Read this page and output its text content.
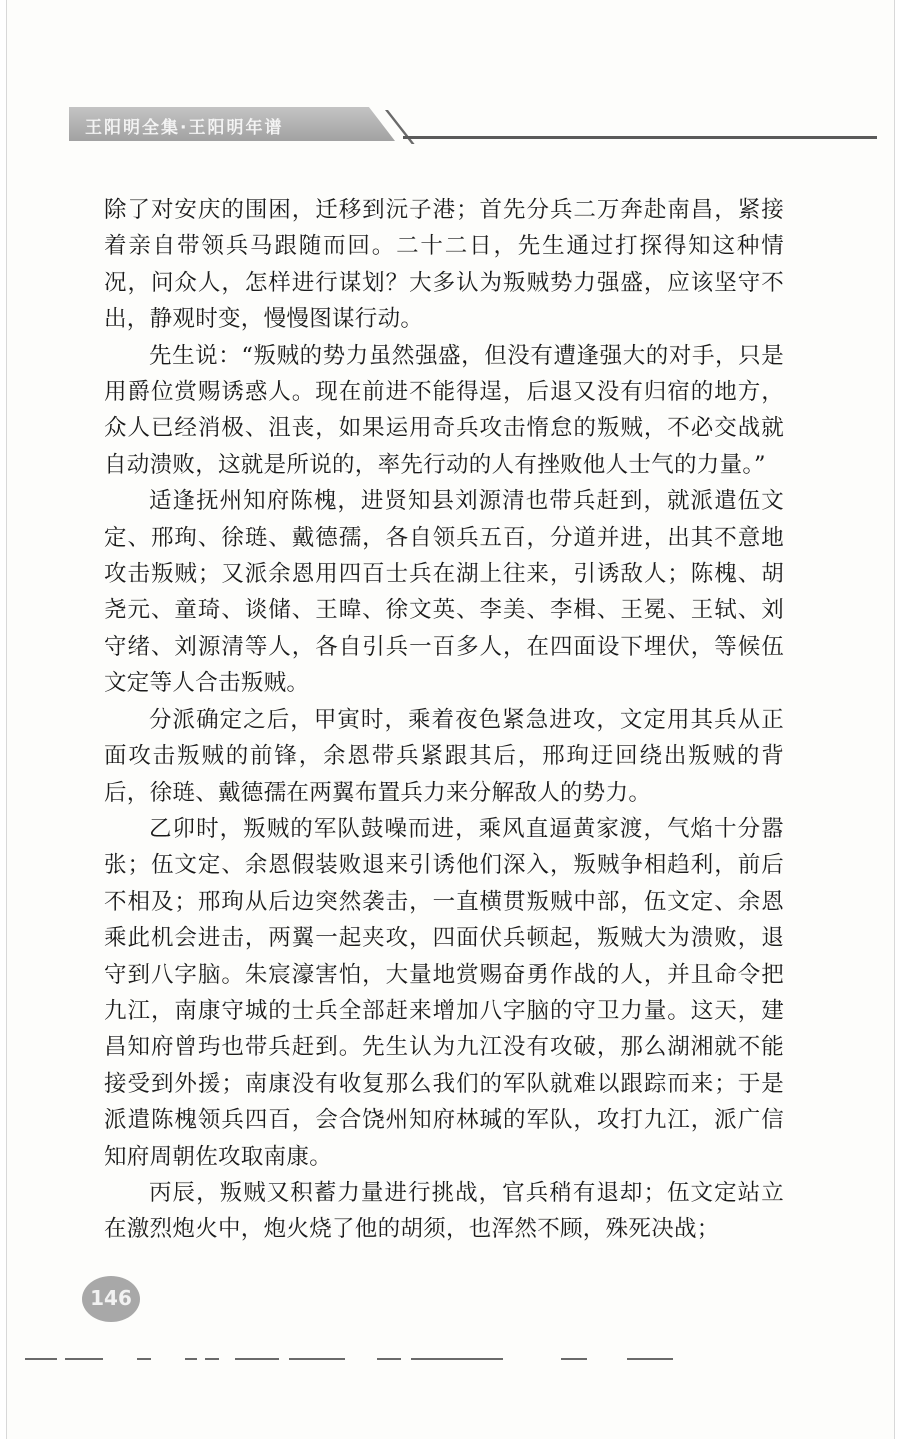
王阳明全集·王阳明年谱

除了对安庆的围困，迁移到沅子港；首先分兵二万奔赴南昌，紧接着亲自带领兵马跟随而回。二十二日，先生通过打探得知这种情况，问众人，怎样进行谋划？大多认为叛贼势力强盛，应该坚守不出，静观时变，慢慢图谋行动。

先生说：“叛贼的势力虽然强盛，但没有遭逢强大的对手，只是用爵位赏赐诱惑人。现在前进不能得逞，后退又没有归宿的地方，众人已经消极、沮丧，如果运用奇兵攻击惰怠的叛贼，不必交战就自动溃败，这就是所说的，率先行动的人有挫败他人士气的力量。”

适逢抚州知府陈槐，进贤知县刘源清也带兵赶到，就派遣伍文定、邢珣、徐琏、戴德孺，各自领兵五百，分道并进，出其不意地攻击叛贼；又派余恩用四百士兵在湖上往来，引诱敌人；陈槐、胡尧元、童琦、谈储、王暐、徐文英、李美、李楫、王冕、王轼、刘守绪、刘源清等人，各自引兵一百多人，在四面设下埋伏，等候伍文定等人合击叛贼。

分派确定之后，甲寅时，乘着夜色紧急进攻，文定用其兵从正面攻击叛贼的前锋，余恩带兵紧跟其后，邢珣迂回绕出叛贼的背后，徐琏、戴德孺在两翼布置兵力来分解敌人的势力。

乙卯时，叛贼的军队鼓噪而进，乘风直逼黄家渡，气焰十分嚣张；伍文定、余恩假装败退来引诱他们深入，叛贼争相趋利，前后不相及；邢珣从后边突然袭击，一直横贯叛贼中部，伍文定、余恩乘此机会进击，两翼一起夹攻，四面伏兵顿起，叛贼大为溃败，退守到八字脑。朱宸濠害怕，大量地赏赐奋勇作战的人，并且命令把九江，南康守城的士兵全部赶来增加八字脑的守卫力量。这天，建昌知府曾玙也带兵赶到。先生认为九江没有攻破，那么湖湘就不能接受到外援；南康没有收复那么我们的军队就难以跟踪而来；于是派遣陈槐领兵四百，会合饶州知府林瑊的军队，攻打九江，派广信知府周朝佐攻取南康。

丙辰，叛贼又积蓄力量进行挑战，官兵稍有退却；伍文定站立在激烈炮火中，炮火烧了他的胡须，也浑然不顾，殊死决战；

146
